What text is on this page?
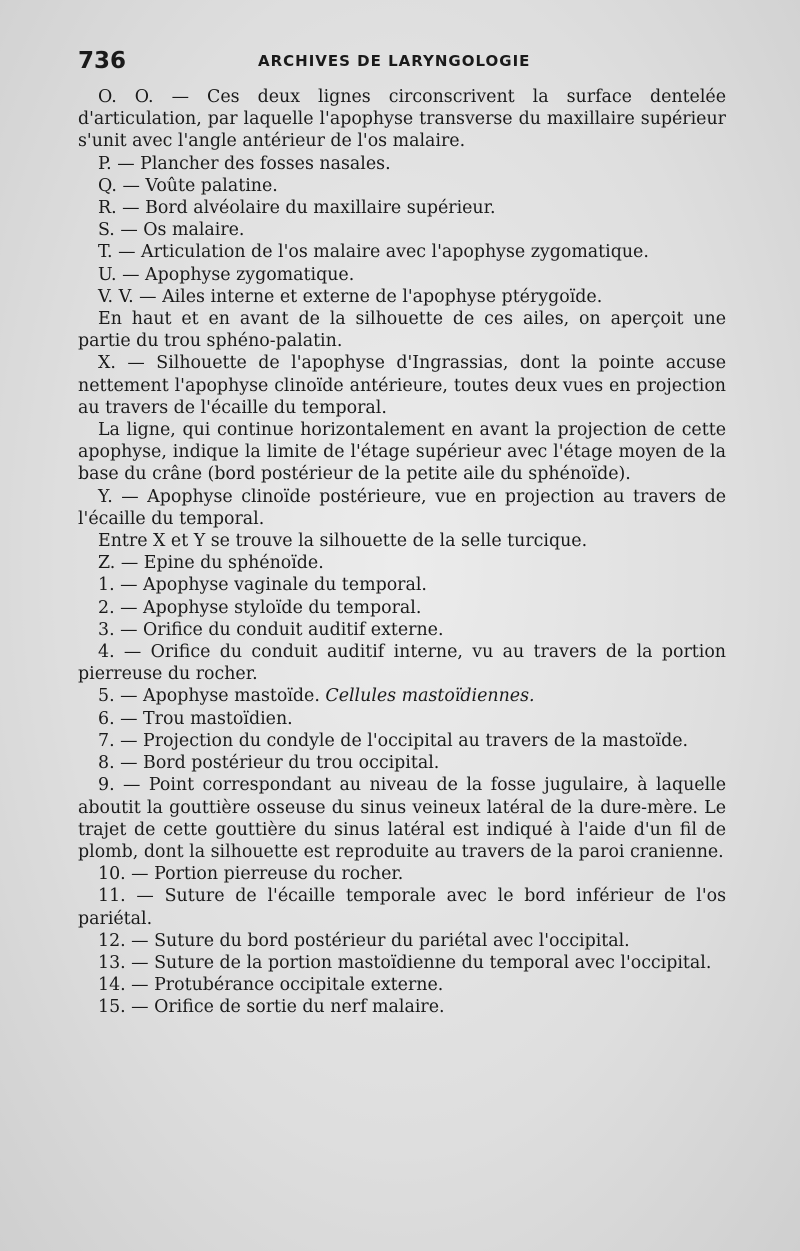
736	ARCHIVES DE LARYNGOLOGIE

O. O. — Ces deux lignes circonscrivent la surface dentelée d'articulation, par laquelle l'apophyse transverse du maxillaire supérieur s'unit avec l'angle antérieur de l'os malaire.

P. — Plancher des fosses nasales.

Q. — Voûte palatine.

R. — Bord alvéolaire du maxillaire supérieur.

S. — Os malaire.

T. — Articulation de l'os malaire avec l'apophyse zygomatique.

U. — Apophyse zygomatique.

V. V. — Ailes interne et externe de l'apophyse ptérygoïde.

En haut et en avant de la silhouette de ces ailes, on aperçoit une partie du trou sphéno-palatin.

X. — Silhouette de l'apophyse d'Ingrassias, dont la pointe accuse nettement l'apophyse clinoïde antérieure, toutes deux vues en projection au travers de l'écaille du temporal.

La ligne, qui continue horizontalement en avant la projection de cette apophyse, indique la limite de l'étage supérieur avec l'étage moyen de la base du crâne (bord postérieur de la petite aile du sphénoïde).

Y. — Apophyse clinoïde postérieure, vue en projection au travers de l'écaille du temporal.

Entre X et Y se trouve la silhouette de la selle turcique.

Z. — Epine du sphénoïde.

1. — Apophyse vaginale du temporal.

2. — Apophyse styloïde du temporal.

3. — Orifice du conduit auditif externe.

4. — Orifice du conduit auditif interne, vu au travers de la portion pierreuse du rocher.

5. — Apophyse mastoïde. Cellules mastoïdiennes.

6. — Trou mastoïdien.

7. — Projection du condyle de l'occipital au travers de la mastoïde.

8. — Bord postérieur du trou occipital.

9. — Point correspondant au niveau de la fosse jugulaire, à laquelle aboutit la gouttière osseuse du sinus veineux latéral de la dure-mère. Le trajet de cette gouttière du sinus latéral est indiqué à l'aide d'un fil de plomb, dont la silhouette est reproduite au travers de la paroi cranienne.

10. — Portion pierreuse du rocher.

11. — Suture de l'écaille temporale avec le bord inférieur de l'os pariétal.

12. — Suture du bord postérieur du pariétal avec l'occipital.

13. — Suture de la portion mastoïdienne du temporal avec l'occipital.

14. — Protubérance occipitale externe.

15. — Orifice de sortie du nerf malaire.
